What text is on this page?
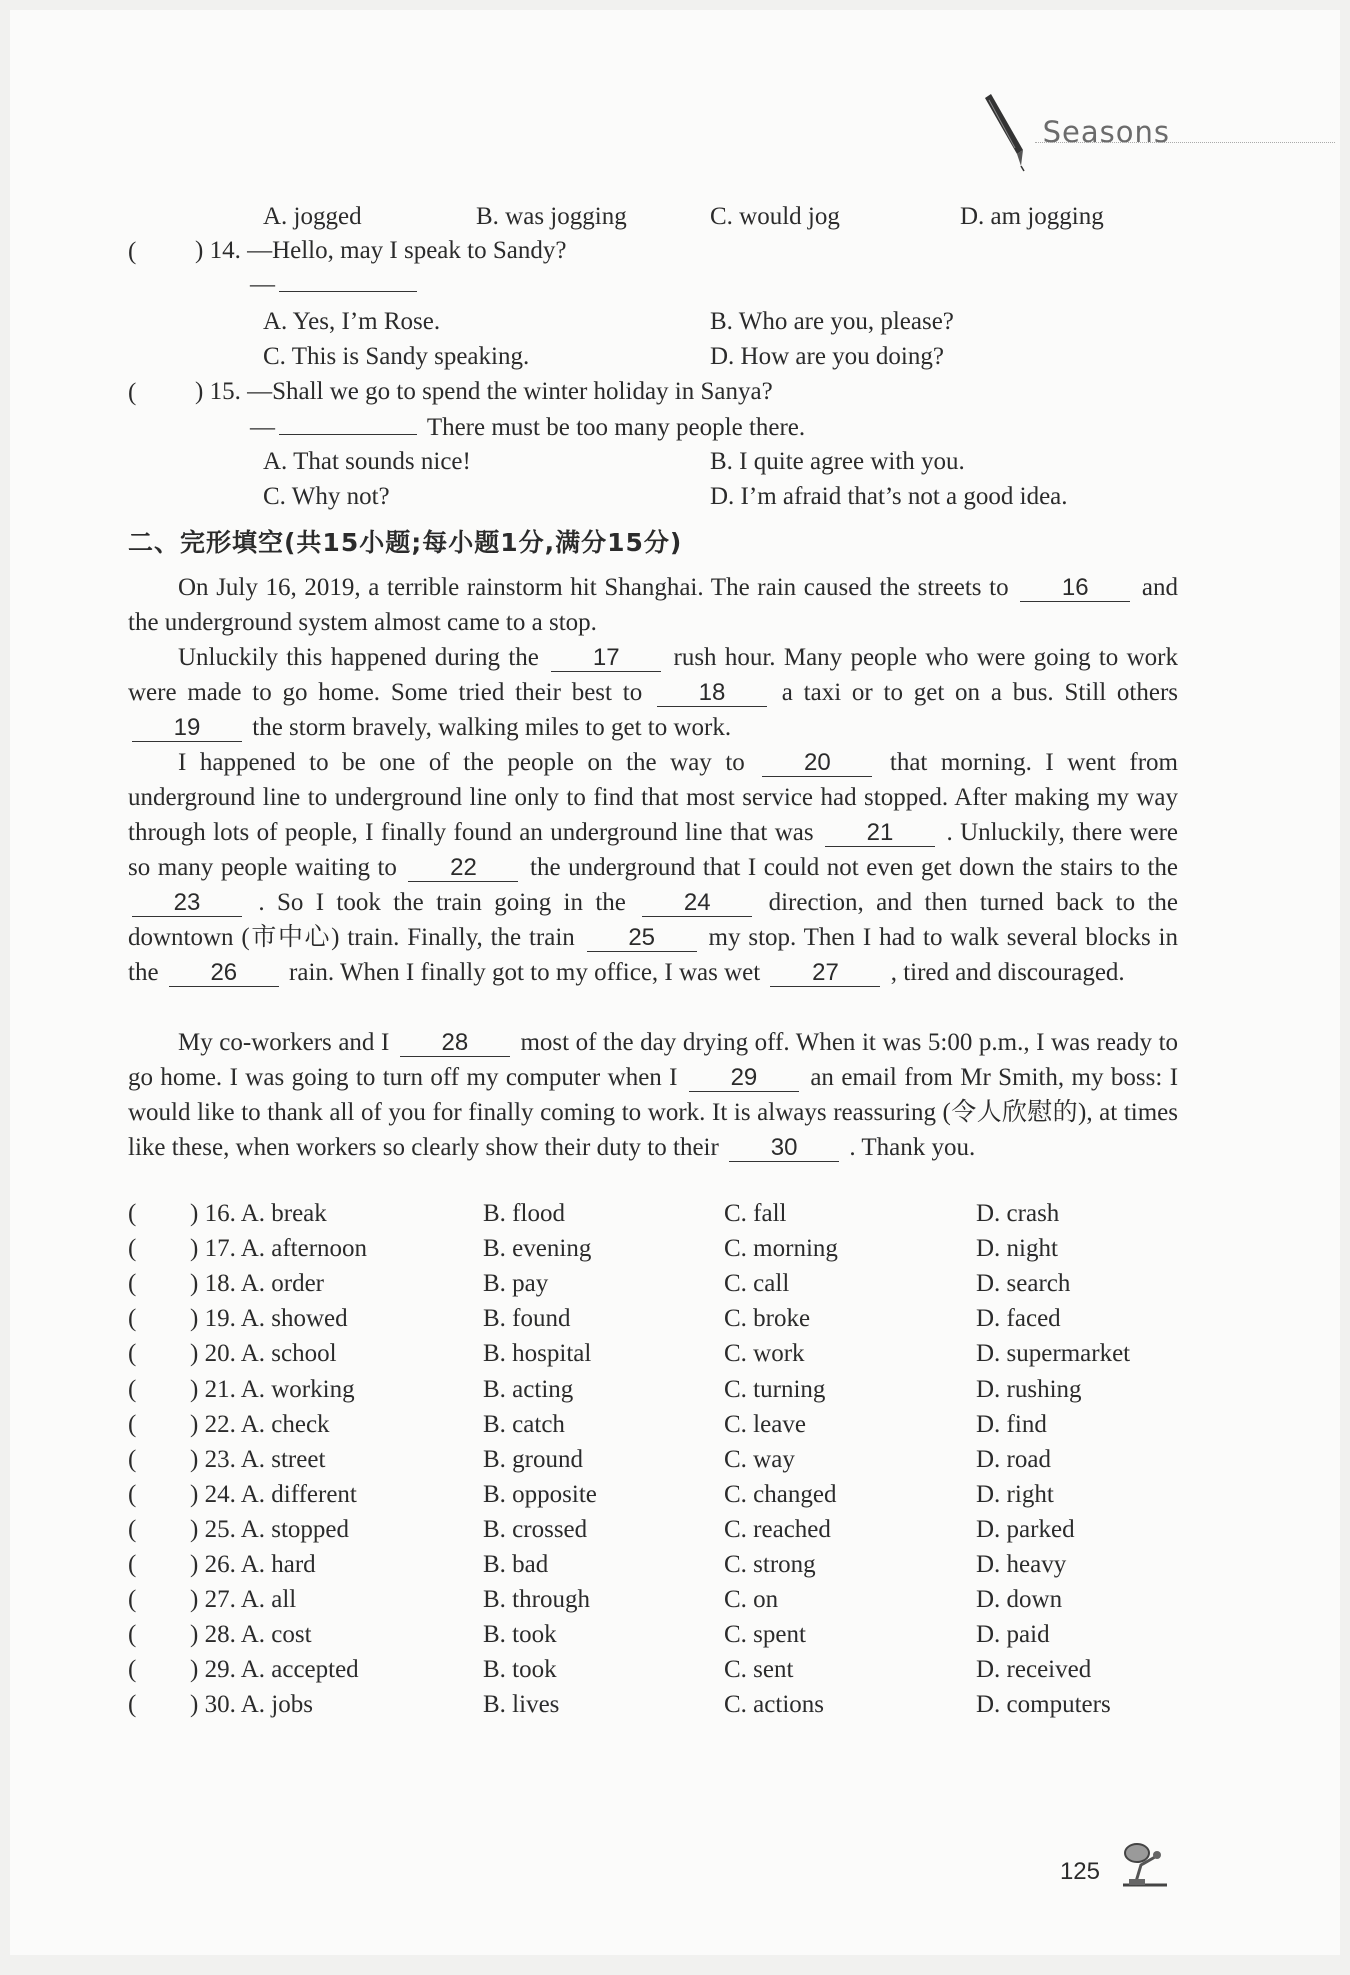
Seasons
A. jogged	B. was jogging	C. would jog	D. am jogging
( ) 14. —Hello, may I speak to Sandy?
—
A. Yes, I’m Rose.	B. Who are you, please?
C. This is Sandy speaking.	D. How are you doing?
( ) 15. —Shall we go to spend the winter holiday in Sanya?
—	There must be too many people there.
A. That sounds nice!	B. I quite agree with you.
C. Why not?	D. I’m afraid that’s not a good idea.
二、完形填空(共15小题;每小题1分,满分15分)
On July 16, 2019, a terrible rainstorm hit Shanghai. The rain caused the streets to 16 and the underground system almost came to a stop.
Unluckily this happened during the 17 rush hour. Many people who were going to work were made to go home. Some tried their best to 18 a taxi or to get on a bus. Still others 19 the storm bravely, walking miles to get to work.
I happened to be one of the people on the way to 20 that morning. I went from underground line to underground line only to find that most service had stopped. After making my way through lots of people, I finally found an underground line that was 21 . Unluckily, there were so many people waiting to 22 the underground that I could not even get down the stairs to the 23 . So I took the train going in the 24 direction, and then turned back to the downtown (市中心) train. Finally, the train 25 my stop. Then I had to walk several blocks in the 26 rain. When I finally got to my office, I was wet 27 , tired and discouraged.
My co-workers and I 28 most of the day drying off. When it was 5:00 p.m., I was ready to go home. I was going to turn off my computer when I 29 an email from Mr Smith, my boss: I would like to thank all of you for finally coming to work. It is always reassuring (令人欣慰的), at times like these, when workers so clearly show their duty to their 30 . Thank you.
( ) 16. A. break	B. flood	C. fall	D. crash
( ) 17. A. afternoon	B. evening	C. morning	D. night
( ) 18. A. order	B. pay	C. call	D. search
( ) 19. A. showed	B. found	C. broke	D. faced
( ) 20. A. school	B. hospital	C. work	D. supermarket
( ) 21. A. working	B. acting	C. turning	D. rushing
( ) 22. A. check	B. catch	C. leave	D. find
( ) 23. A. street	B. ground	C. way	D. road
( ) 24. A. different	B. opposite	C. changed	D. right
( ) 25. A. stopped	B. crossed	C. reached	D. parked
( ) 26. A. hard	B. bad	C. strong	D. heavy
( ) 27. A. all	B. through	C. on	D. down
( ) 28. A. cost	B. took	C. spent	D. paid
( ) 29. A. accepted	B. took	C. sent	D. received
( ) 30. A. jobs	B. lives	C. actions	D. computers
125
